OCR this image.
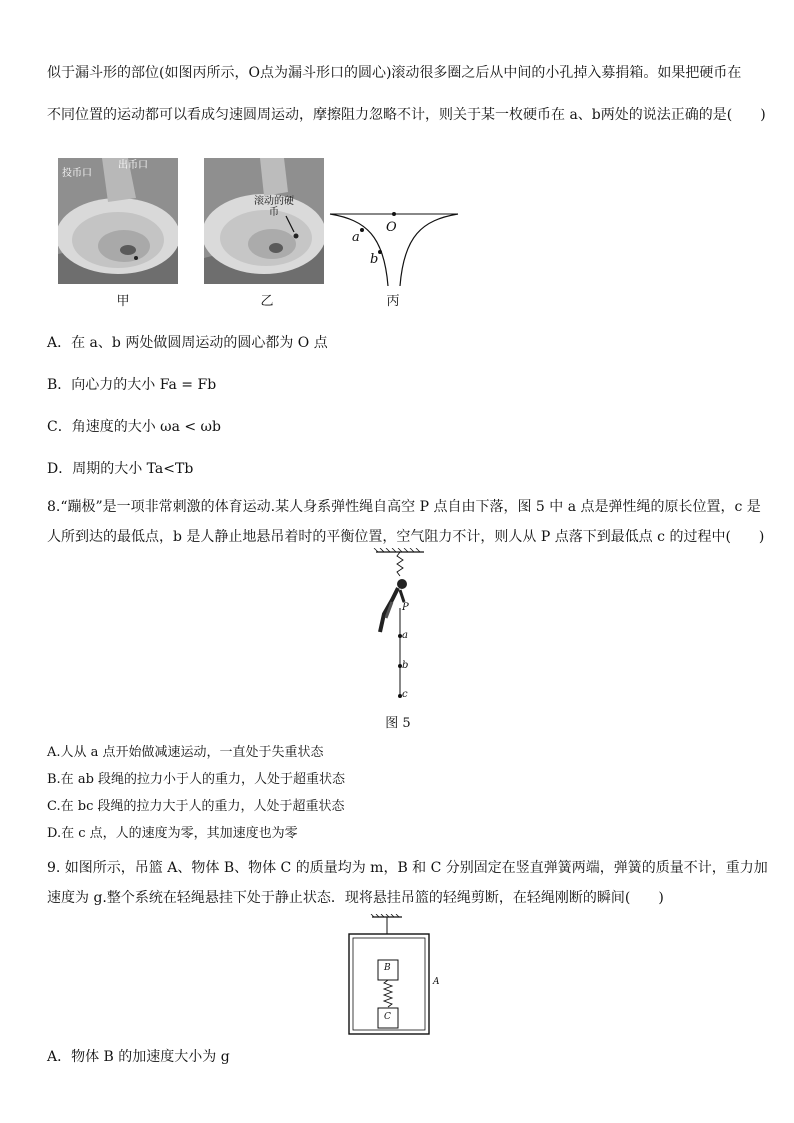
似于漏斗形的部位(如图丙所示，O点为漏斗形口的圆心)滚动很多圈之后从中间的小孔掉入募捐箱。如果把硬币在
不同位置的运动都可以看成匀速圆周运动，摩擦阻力忽略不计，则关于某一枚硬币在 a、b两处的说法正确的是(　　)
投币口
出币口
甲
滚动的硬币
乙
O
a
b
丙
A．在 a、b 两处做圆周运动的圆心都为 O 点
B．向心力的大小 Fa = Fb
C．角速度的大小 ωa < ωb
D．周期的大小 Ta<Tb
8.“蹦极”是一项非常刺激的体育运动.某人身系弹性绳自高空 P 点自由下落，图 5 中 a 点是弹性绳的原长位置，c 是
人所到达的最低点，b 是人静止地悬吊着时的平衡位置，空气阻力不计，则人从 P 点落下到最低点 c 的过程中(　　)
P
a
b
c
图 5
A.人从 a 点开始做减速运动，一直处于失重状态
B.在 ab 段绳的拉力小于人的重力，人处于超重状态
C.在 bc 段绳的拉力大于人的重力，人处于超重状态
D.在 c 点，人的速度为零，其加速度也为零
9. 如图所示，吊篮 A、物体 B、物体 C 的质量均为 m，B 和 C 分别固定在竖直弹簧两端，弹簧的质量不计，重力加
速度为 g.整个系统在轻绳悬挂下处于静止状态．现将悬挂吊篮的轻绳剪断，在轻绳刚断的瞬间(　　)
B
C
A
A．物体 B 的加速度大小为 g
